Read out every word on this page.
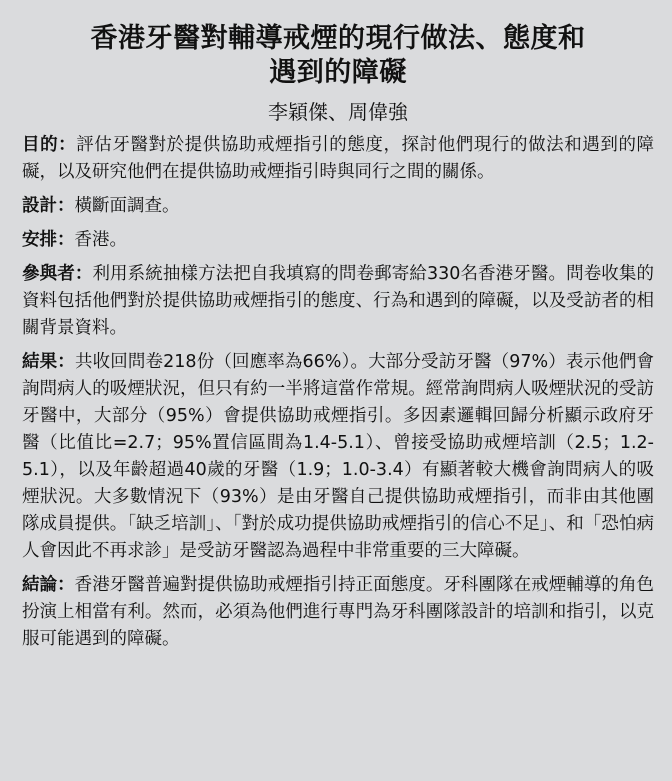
香港牙醫對輔導戒煙的現行做法、態度和
遇到的障礙
李穎傑、周偉強

目的：評估牙醫對於提供協助戒煙指引的態度，探討他們現行的做法和遇到的障礙，以及研究他們在提供協助戒煙指引時與同行之間的關係。

設計：橫斷面調查。

安排：香港。

參與者：利用系統抽樣方法把自我填寫的問卷郵寄給330名香港牙醫。問卷收集的資料包括他們對於提供協助戒煙指引的態度、行為和遇到的障礙，以及受訪者的相關背景資料。

結果：共收回問卷218份（回應率為66%）。大部分受訪牙醫（97%）表示他們會詢問病人的吸煙狀況，但只有約一半將這當作常規。經常詢問病人吸煙狀況的受訪牙醫中，大部分（95%）會提供協助戒煙指引。多因素邏輯回歸分析顯示政府牙醫（比值比=2.7；95%置信區間為1.4-5.1）、曾接受協助戒煙培訓（2.5；1.2-5.1），以及年齡超過40歲的牙醫（1.9；1.0-3.4）有顯著較大機會詢問病人的吸煙狀況。大多數情況下（93%）是由牙醫自己提供協助戒煙指引，而非由其他團隊成員提供。「缺乏培訓」、「對於成功提供協助戒煙指引的信心不足」、和「恐怕病人會因此不再求診」是受訪牙醫認為過程中非常重要的三大障礙。

結論：香港牙醫普遍對提供協助戒煙指引持正面態度。牙科團隊在戒煙輔導的角色扮演上相當有利。然而，必須為他們進行專門為牙科團隊設計的培訓和指引，以克服可能遇到的障礙。
